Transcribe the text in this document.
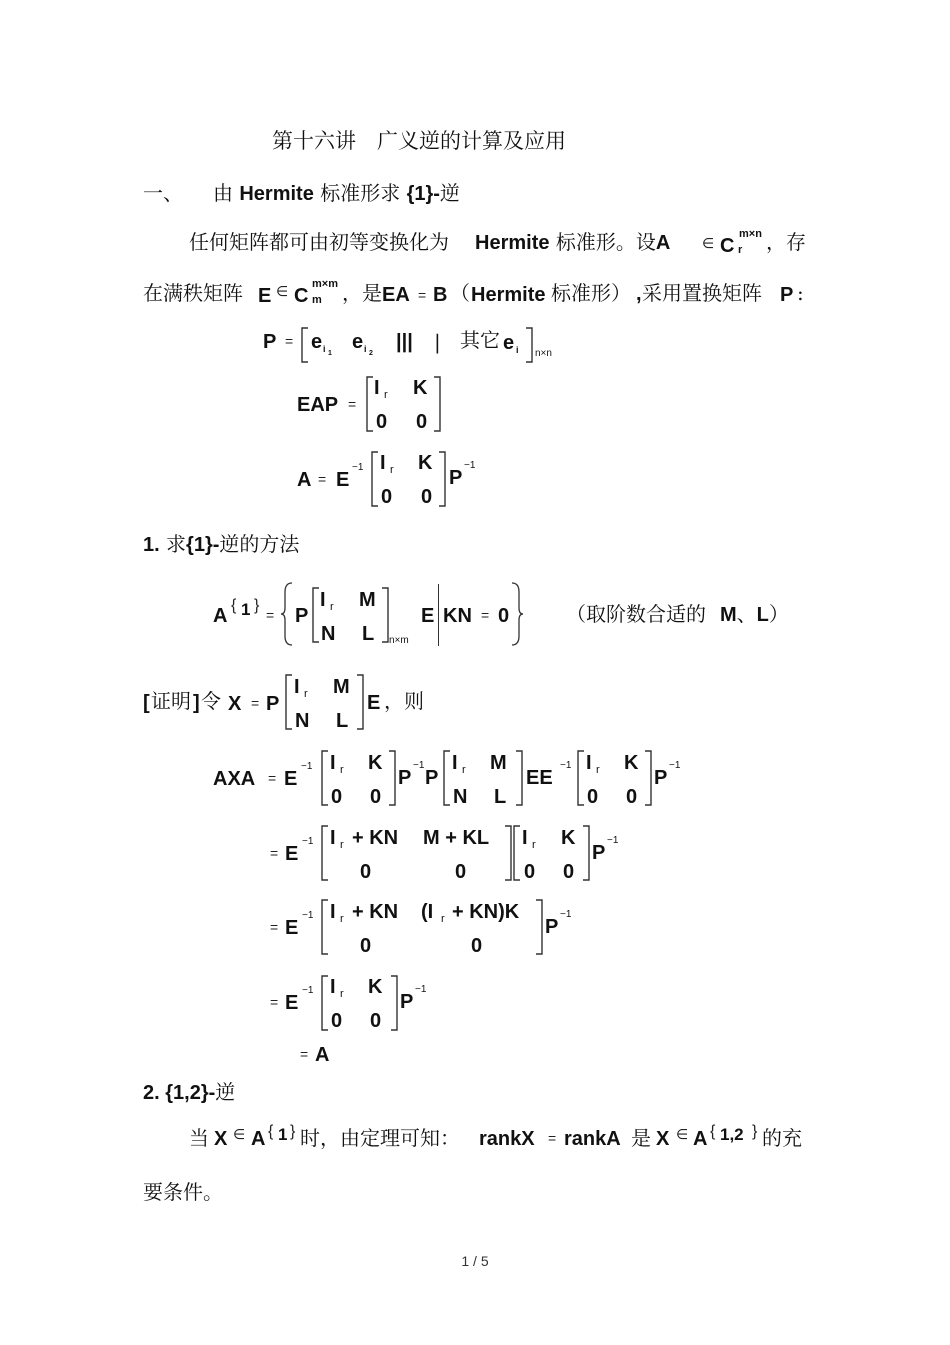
第十六讲　广义逆的计算及应用
一、 由 Hermite 标准形求 {1}-逆
任何矩阵都可由初等变换化为 Hermite 标准形。设A ∈ C
m×n
r ，存
在满秩矩阵 E ∈ C
m×m
m ，是 EA = B （ Hermite 标准形） , 采用置换矩阵 P :
P = e i 1
e i 2
||| | 其它 e i n×n
EAP =
I r K
0 0
A = E
−1 I r K
0 0
P
−1
1. 求{1}-逆的方法
A { 1 }
= P
I r M
N L n×m
E KN = 0	（取阶数合适的 M、L）
[ 证明 ] 令 X = P
I r M
N L
E ，则
AXA = E
−1 I r K
0 0
P
−1
P
I r M
N L
EE
−1 I r K
0 0
P
−1
= E
−1 I r + KN M + KL
0	0
I r K
0 0
P
−1
= E
−1 I r + KN (I r + KN)K
0	0
P
−1
= E
−1 I r K
0 0
P
−1
= A
2. {1,2}-逆
当 X ∈ A { 1 } 时，由定理可知： rankX = rankA 是 X ∈ A { 1,2 } 的充
要条件。
1 / 5
